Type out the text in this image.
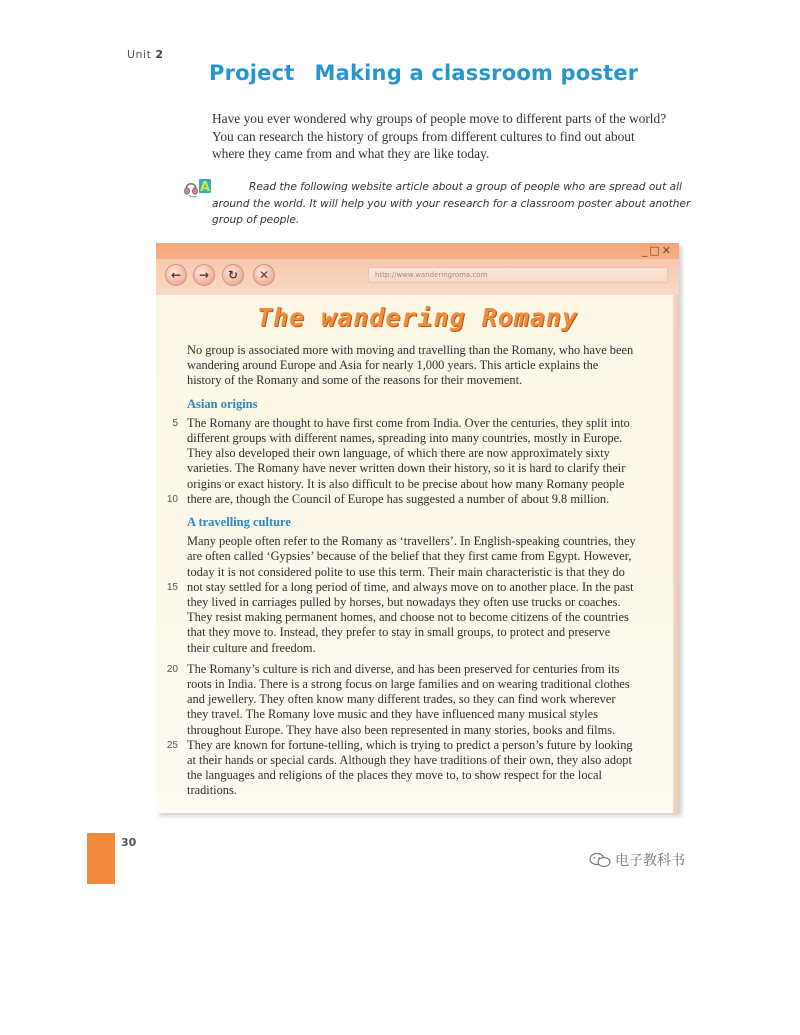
Unit 2
Project Making a classroom poster
Have you ever wondered why groups of people move to different parts of the world?
You can research the history of groups from different cultures to find out about
where they came from and what they are like today.
A	Read the following website article about a group of people who are spread out all
around the world. It will help you with your research for a classroom poster about another
group of people.
_□✕
←	→	↻	✕	http://www.wanderingroma.com
The wandering Romany
No group is associated more with moving and travelling than the Romany, who have been
wandering around Europe and Asia for nearly 1,000 years. This article explains the
history of the Romany and some of the reasons for their movement.
Asian origins
5 The Romany are thought to have first come from India. Over the centuries, they split into
different groups with different names, spreading into many countries, mostly in Europe.
They also developed their own language, of which there are now approximately sixty
varieties. The Romany have never written down their history, so it is hard to clarify their
origins or exact history. It is also difficult to be precise about how many Romany people
10 there are, though the Council of Europe has suggested a number of about 9.8 million.
A travelling culture
Many people often refer to the Romany as ‘travellers’. In English-speaking countries, they
are often called ‘Gypsies’ because of the belief that they first came from Egypt. However,
today it is not considered polite to use this term. Their main characteristic is that they do
15 not stay settled for a long period of time, and always move on to another place. In the past
they lived in carriages pulled by horses, but nowadays they often use trucks or coaches.
They resist making permanent homes, and choose not to become citizens of the countries
that they move to. Instead, they prefer to stay in small groups, to protect and preserve
their culture and freedom.
20 The Romany’s culture is rich and diverse, and has been preserved for centuries from its
roots in India. There is a strong focus on large families and on wearing traditional clothes
and jewellery. They often know many different trades, so they can find work wherever
they travel. The Romany love music and they have influenced many musical styles
throughout Europe. They have also been represented in many stories, books and films.
25 They are known for fortune-telling, which is trying to predict a person’s future by looking
at their hands or special cards. Although they have traditions of their own, they also adopt
the languages and religions of the places they move to, to show respect for the local
traditions.
30
电子教科书
